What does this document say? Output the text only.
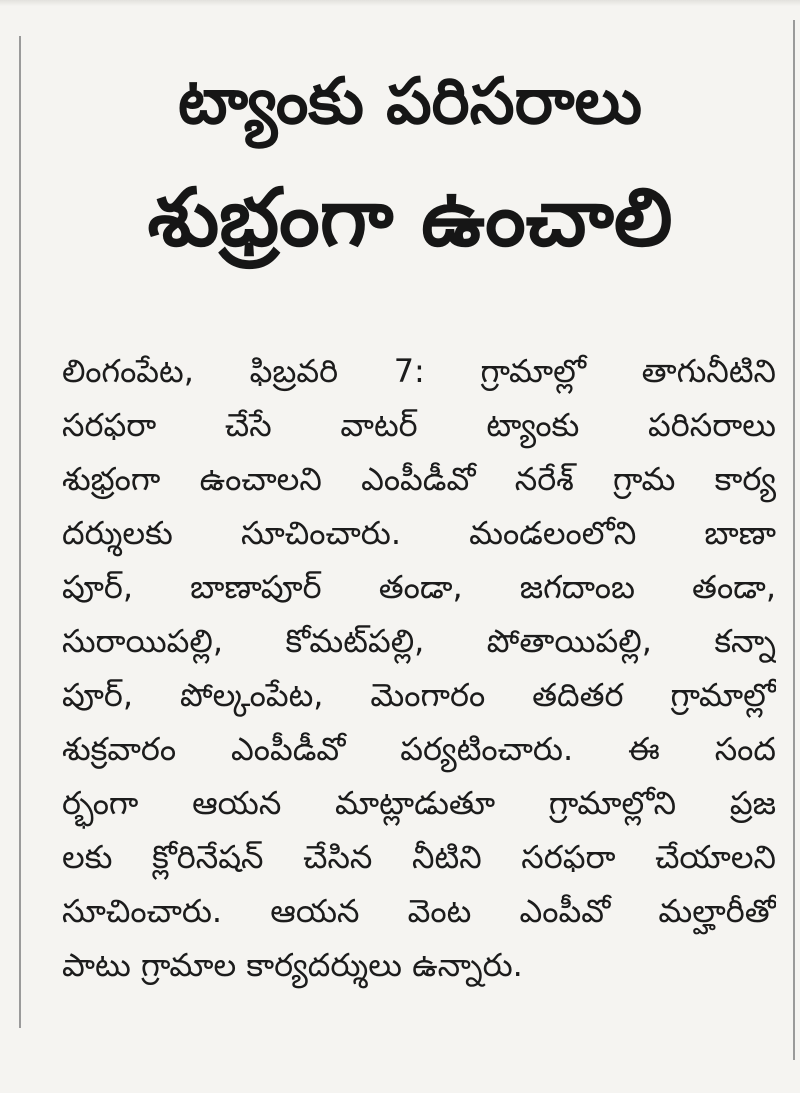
ట్యాంకు పరిసరాలు
శుభ్రంగా ఉంచాలి
లింగంపేట, ఫిబ్రవరి 7: గ్రామాల్లో తాగునీటిని
సరఫరా చేసే వాటర్ ట్యాంకు పరిసరాలు
శుభ్రంగా ఉంచాలని ఎంపీడీవో నరేశ్ గ్రామ కార్య
దర్శులకు సూచించారు. మండలంలోని బాణా
పూర్, బాణాపూర్ తండా, జగదాంబ తండా,
సురాయిపల్లి, కోమట్‌పల్లి, పోతాయిపల్లి, కన్నా
పూర్, పోల్కంపేట, మెంగారం తదితర గ్రామాల్లో
శుక్రవారం ఎంపీడీవో పర్యటించారు. ఈ సంద
ర్భంగా ఆయన మాట్లాడుతూ గ్రామాల్లోని ప్రజ
లకు క్లోరినేషన్ చేసిన నీటిని సరఫరా చేయాలని
సూచించారు. ఆయన వెంట ఎంపీవో మల్హారీతో
పాటు గ్రామాల కార్యదర్శులు ఉన్నారు.
